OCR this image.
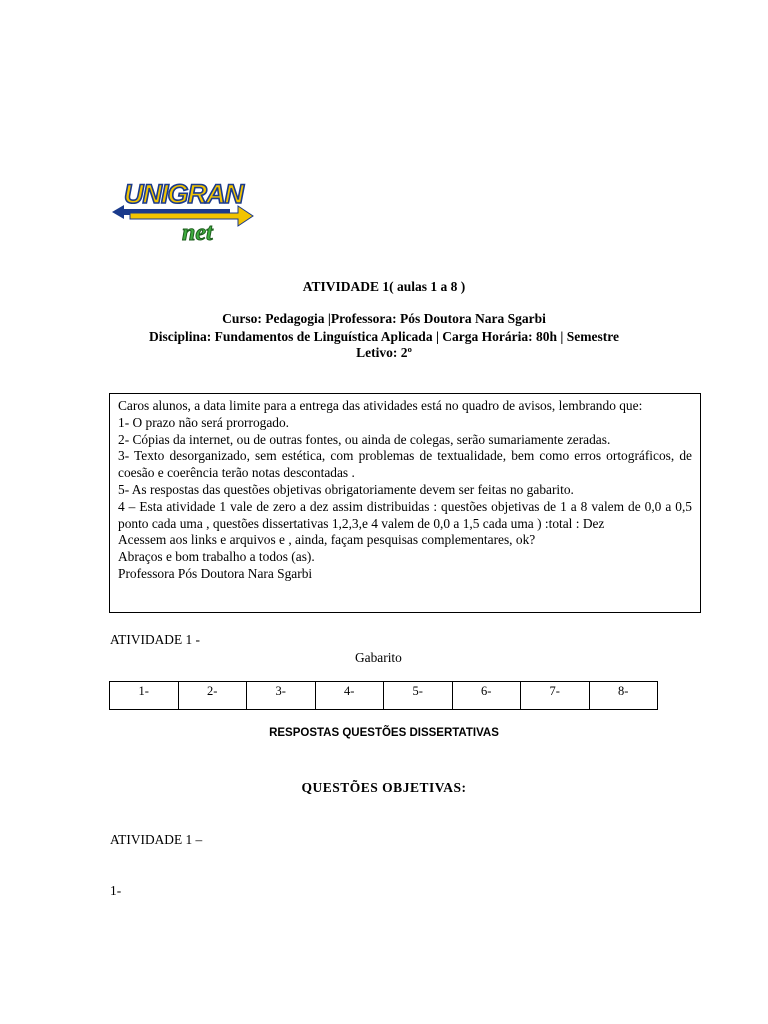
UNIGRAN
net
ATIVIDADE 1( aulas 1 a 8 )
Curso: Pedagogia |Professora: Pós Doutora Nara Sgarbi
Disciplina: Fundamentos de Linguística Aplicada | Carga Horária: 80h | Semestre
Letivo: 2º
Caros alunos, a data limite para a entrega das atividades está no quadro de avisos, lembrando que:
1- O prazo não será prorrogado.
2- Cópias da internet, ou de outras fontes, ou ainda de colegas, serão sumariamente zeradas.
3- Texto desorganizado, sem estética, com problemas de textualidade, bem como erros ortográficos, de coesão e coerência terão notas descontadas .
5- As respostas das questões objetivas obrigatoriamente devem ser feitas no gabarito.
4 – Esta atividade 1 vale de zero a dez assim distribuidas : questões objetivas de 1 a 8 valem de 0,0 a 0,5 ponto cada uma , questões dissertativas 1,2,3,e 4 valem de 0,0 a 1,5 cada uma ) :total : Dez
Acessem aos links e arquivos e , ainda, façam pesquisas complementares, ok?
Abraços e bom trabalho a todos (as).
Professora Pós Doutora Nara Sgarbi
ATIVIDADE 1 -
Gabarito
1-	2-	3-	4-	5-	6-	7-	8-
RESPOSTAS QUESTÕES DISSERTATIVAS
QUESTÕES OBJETIVAS:
ATIVIDADE 1 –
1-
